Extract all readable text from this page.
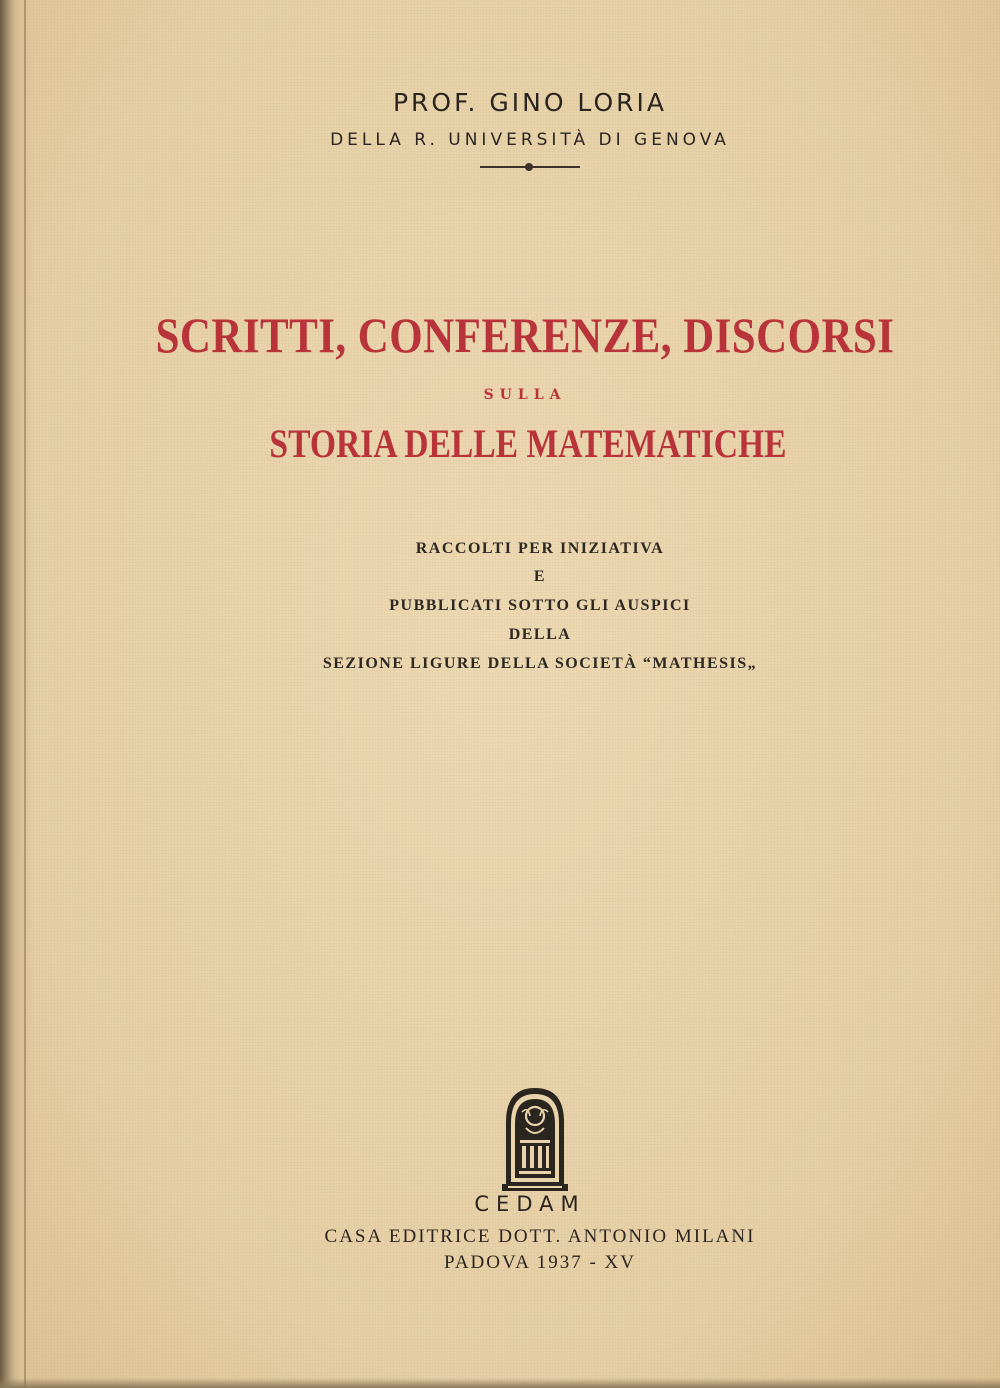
PROF. GINO LORIA
DELLA R. UNIVERSITÀ DI GENOVA
SCRITTI, CONFERENZE, DISCORSI
SULLA
STORIA DELLE MATEMATICHE
RACCOLTI PER INIZIATIVA
E
PUBBLICATI SOTTO GLI AUSPICI
DELLA
SEZIONE LIGURE DELLA SOCIETÀ “MATHESIS„
CEDAM
CASA EDITRICE DOTT. ANTONIO MILANI
PADOVA 1937 - XV
